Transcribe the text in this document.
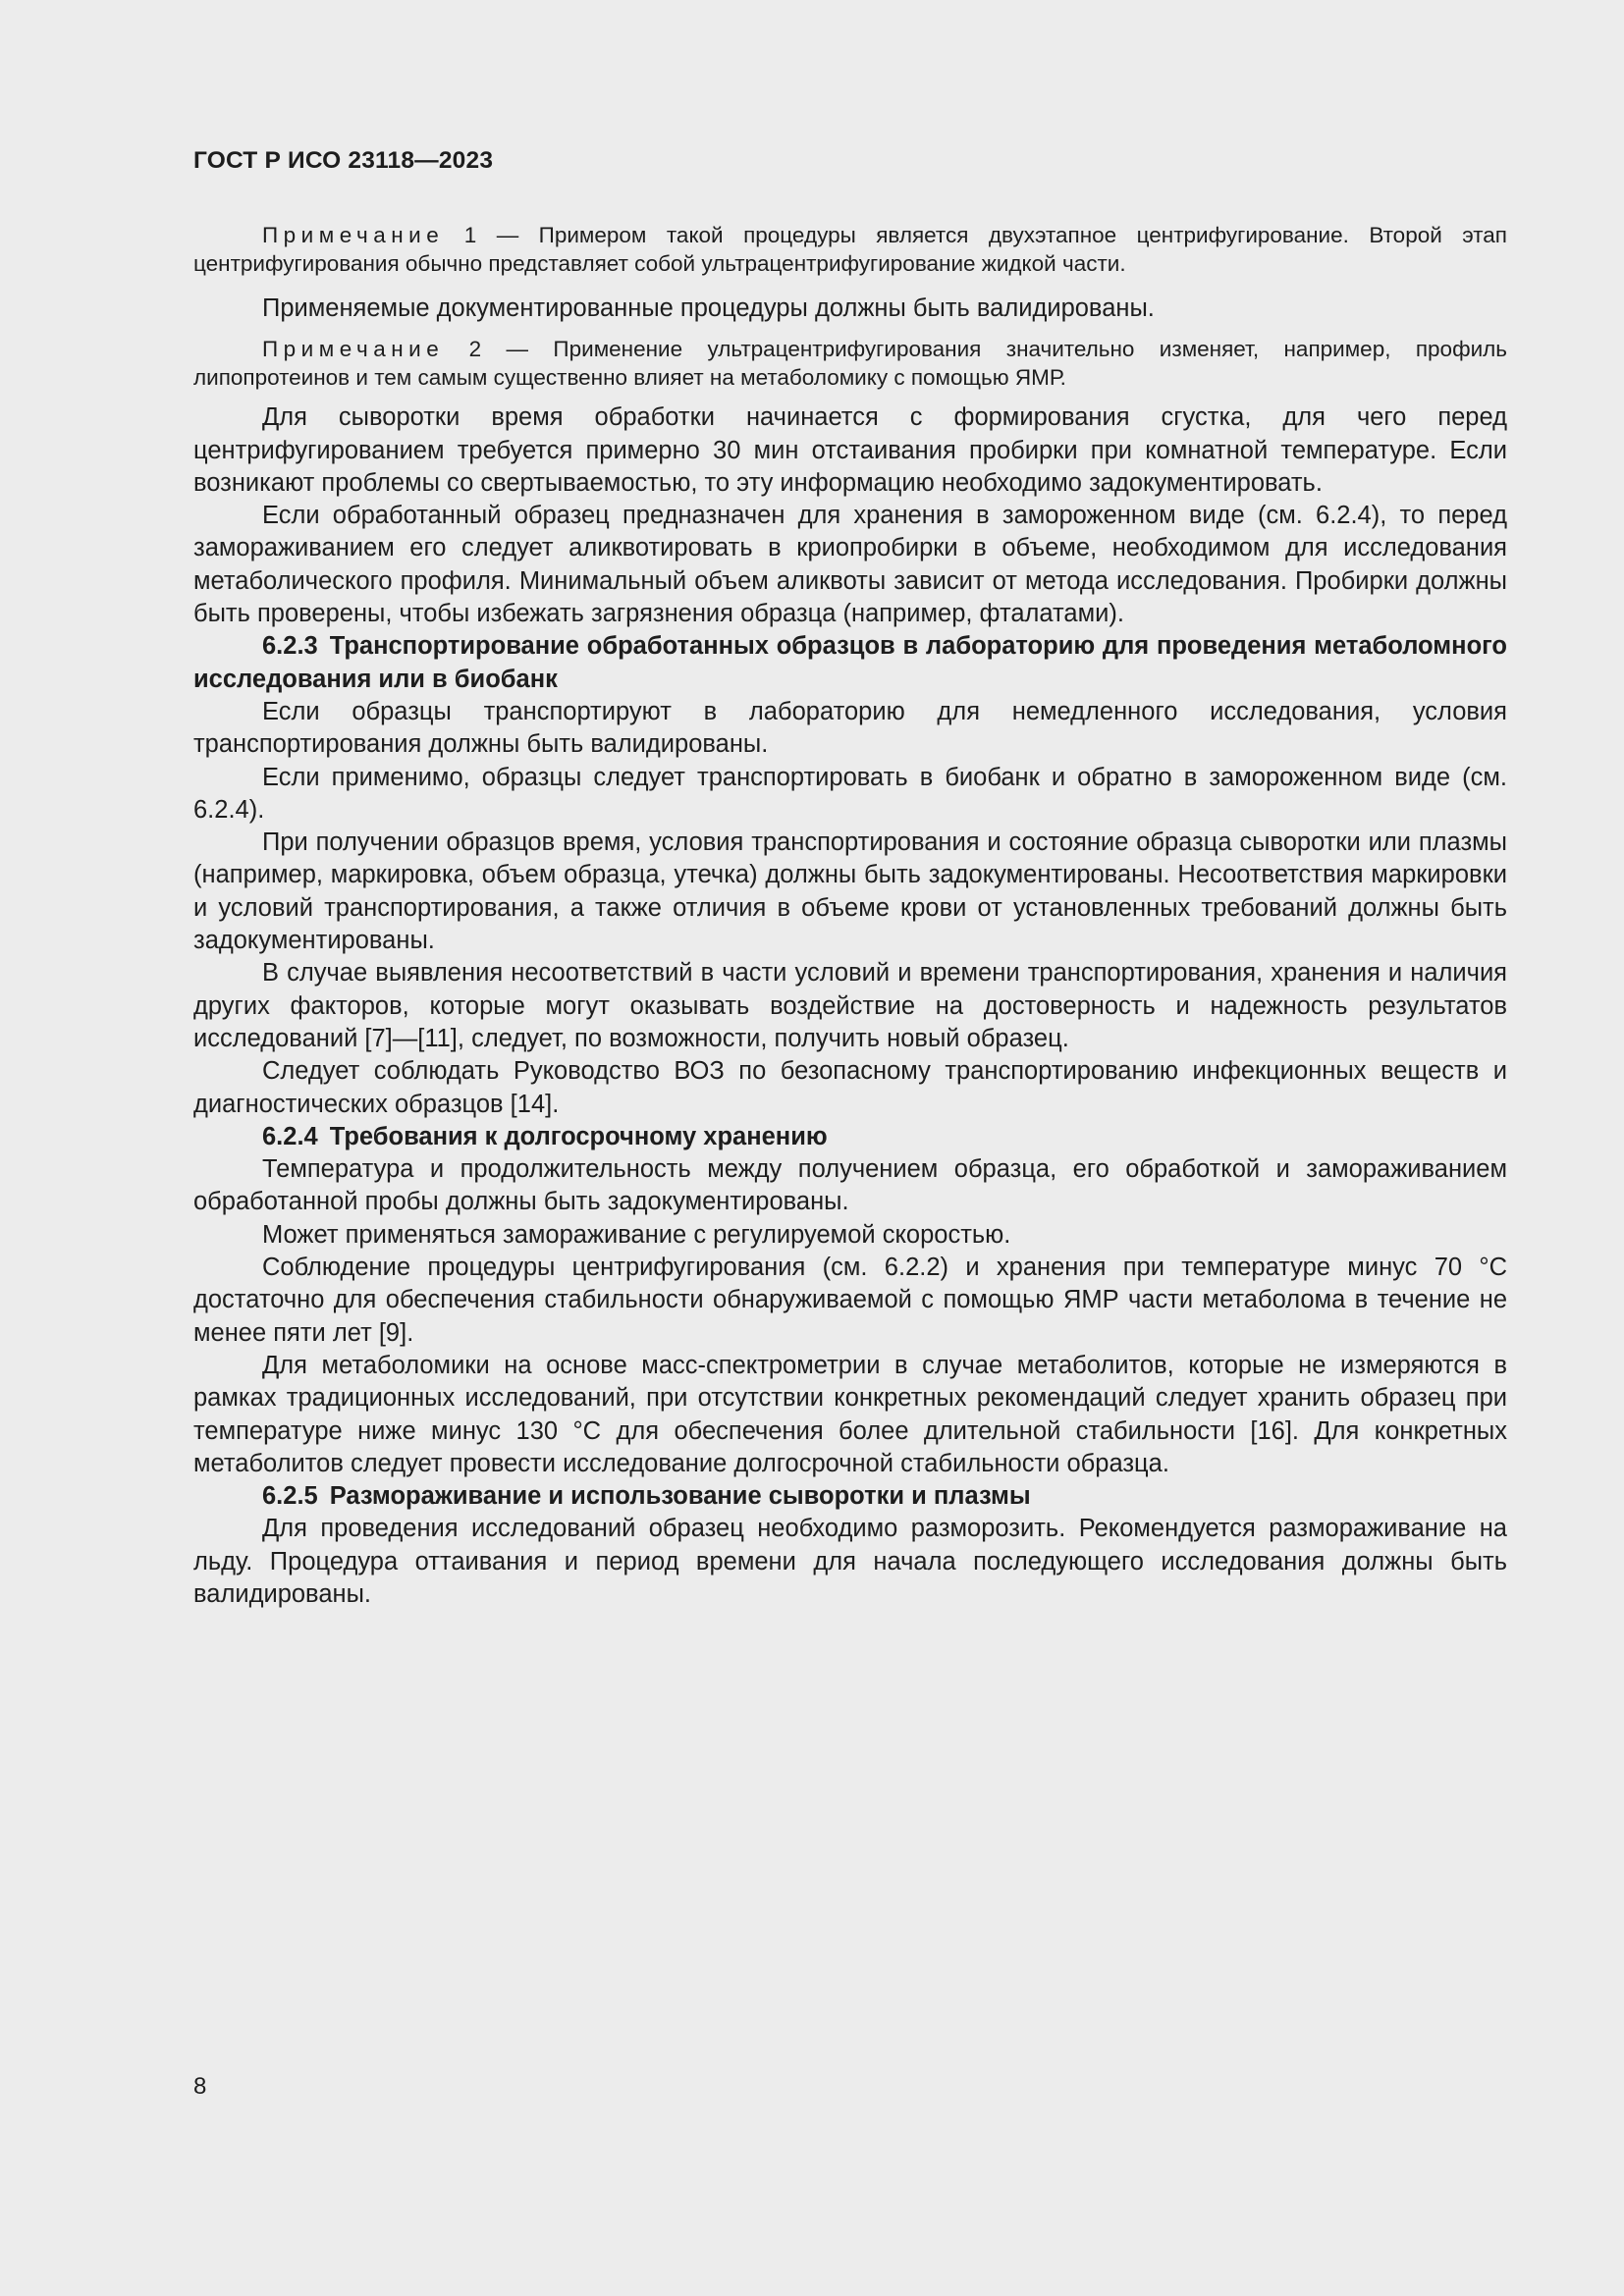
ГОСТ Р ИСО 23118—2023

Примечание 1 — Примером такой процедуры является двухэтапное центрифугирование. Второй этап центрифугирования обычно представляет собой ультрацентрифугирование жидкой части.

Применяемые документированные процедуры должны быть валидированы.

Примечание 2 — Применение ультрацентрифугирования значительно изменяет, например, профиль липопротеинов и тем самым существенно влияет на метаболомику с помощью ЯМР.

Для сыворотки время обработки начинается с формирования сгустка, для чего перед центрифугированием требуется примерно 30 мин отстаивания пробирки при комнатной температуре. Если возникают проблемы со свертываемостью, то эту информацию необходимо задокументировать.

Если обработанный образец предназначен для хранения в замороженном виде (см. 6.2.4), то перед замораживанием его следует аликвотировать в криопробирки в объеме, необходимом для исследования метаболического профиля. Минимальный объем аликвоты зависит от метода исследования. Пробирки должны быть проверены, чтобы избежать загрязнения образца (например, фталатами).

6.2.3 Транспортирование обработанных образцов в лабораторию для проведения метаболомного исследования или в биобанк

Если образцы транспортируют в лабораторию для немедленного исследования, условия транспортирования должны быть валидированы.

Если применимо, образцы следует транспортировать в биобанк и обратно в замороженном виде (см. 6.2.4).

При получении образцов время, условия транспортирования и состояние образца сыворотки или плазмы (например, маркировка, объем образца, утечка) должны быть задокументированы. Несоответствия маркировки и условий транспортирования, а также отличия в объеме крови от установленных требований должны быть задокументированы.

В случае выявления несоответствий в части условий и времени транспортирования, хранения и наличия других факторов, которые могут оказывать воздействие на достоверность и надежность результатов исследований [7]—[11], следует, по возможности, получить новый образец.

Следует соблюдать Руководство ВОЗ по безопасному транспортированию инфекционных веществ и диагностических образцов [14].

6.2.4 Требования к долгосрочному хранению

Температура и продолжительность между получением образца, его обработкой и замораживанием обработанной пробы должны быть задокументированы.

Может применяться замораживание с регулируемой скоростью.

Соблюдение процедуры центрифугирования (см. 6.2.2) и хранения при температуре минус 70 °C достаточно для обеспечения стабильности обнаруживаемой с помощью ЯМР части метаболома в течение не менее пяти лет [9].

Для метаболомики на основе масс-спектрометрии в случае метаболитов, которые не измеряются в рамках традиционных исследований, при отсутствии конкретных рекомендаций следует хранить образец при температуре ниже минус 130 °C для обеспечения более длительной стабильности [16]. Для конкретных метаболитов следует провести исследование долгосрочной стабильности образца.

6.2.5 Размораживание и использование сыворотки и плазмы

Для проведения исследований образец необходимо разморозить. Рекомендуется размораживание на льду. Процедура оттаивания и период времени для начала последующего исследования должны быть валидированы.

8
